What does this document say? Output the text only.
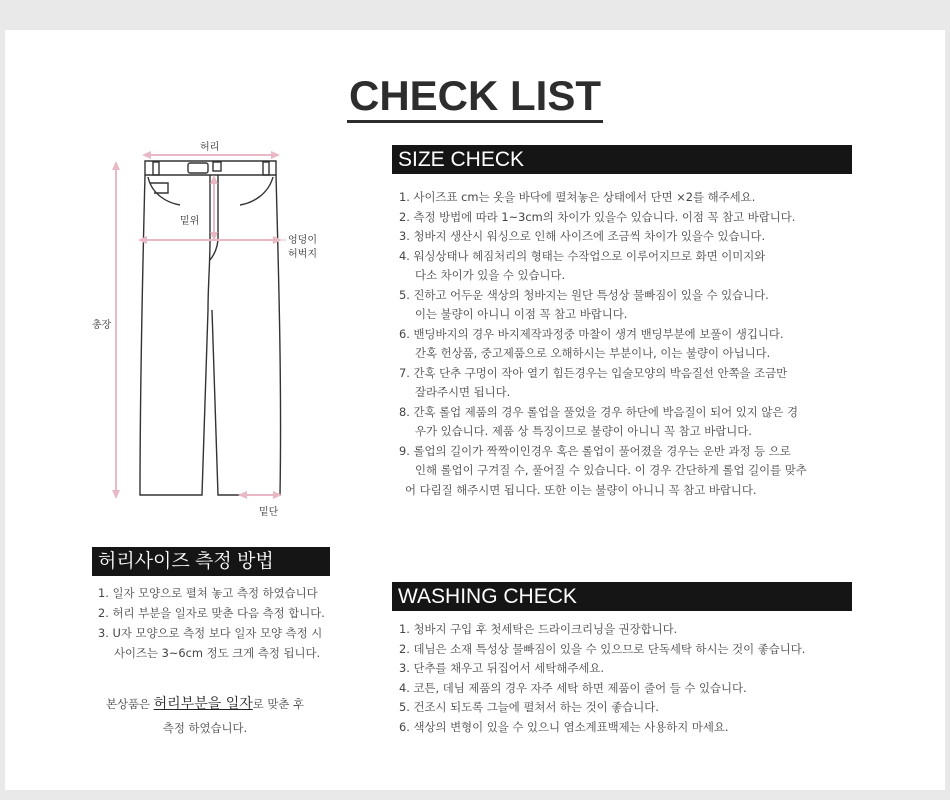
CHECK LIST
허리
밑위
엉덩이
허벅지
총장
밑단
SIZE CHECK
1. 사이즈표 cm는 옷을 바닥에 펼쳐놓은 상태에서 단면 ×2를 해주세요.
2. 측정 방법에 따라 1~3cm의 차이가 있을수 있습니다. 이점 꼭 참고 바랍니다.
3. 청바지 생산시 워싱으로 인해 사이즈에 조금씩 차이가 있을수 있습니다.
4. 워싱상태나 헤짐처리의 형태는 수작업으로 이루어지므로 화면 이미지와
다소 차이가 있을 수 있습니다.
5. 진하고 어두운 색상의 청바지는 원단 특성상 물빠짐이 있을 수 있습니다.
이는 불량이 아니니 이점 꼭 참고 바랍니다.
6. 밴딩바지의 경우 바지제작과정중 마찰이 생겨 밴딩부분에 보풀이 생깁니다.
간혹 헌상품, 중고제품으로 오해하시는 부분이나, 이는 불량이 아닙니다.
7. 간혹 단추 구멍이 작아 열기 힘든경우는 입술모양의 박음질선 안쪽을 조금만
잘라주시면 됩니다.
8. 간혹 롤업 제품의 경우 롤업을 풀었을 경우 하단에 박음질이 되어 있지 않은 경
우가 있습니다. 제품 상 특징이므로 불량이 아니니 꼭 참고 바랍니다.
9. 롤업의 길이가 짝짝이인경우 혹은 롤업이 풀어졌을 경우는 운반 과정 등 으로
인해 롤업이 구겨질 수, 풀어질 수 있습니다. 이 경우 간단하게 롤업 길이를 맞추
어 다림질 해주시면 됩니다. 또한 이는 불량이 아니니 꼭 참고 바랍니다.
허리사이즈 측정 방법
1. 일자 모양으로 펼쳐 놓고 측정 하였습니다
2. 허리 부분을 일자로 맞춘 다음 측정 합니다.
3. U자 모양으로 측정 보다 일자 모양 측정 시
사이즈는 3~6cm 정도 크게 측정 됩니다.
본상품은 허리부분을 일자로 맞춘 후
측정 하였습니다.
WASHING CHECK
1. 청바지 구입 후 첫세탁은 드라이크리닝을 권장합니다.
2. 데님은 소재 특성상 물빠짐이 있을 수 있으므로 단독세탁 하시는 것이 좋습니다.
3. 단추를 채우고 뒤집어서 세탁해주세요.
4. 코튼, 데님 제품의 경우 자주 세탁 하면 제품이 줄어 들 수 있습니다.
5. 건조시 되도록 그늘에 펼쳐서 하는 것이 좋습니다.
6. 색상의 변형이 있을 수 있으니 염소계표백제는 사용하지 마세요.
